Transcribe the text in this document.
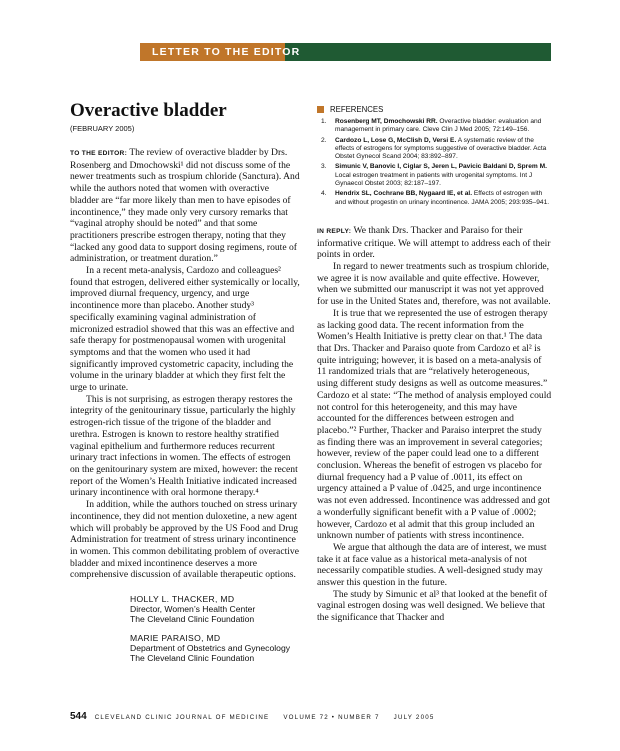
LETTER TO THE EDITOR
Overactive bladder
(FEBRUARY 2005)

TO THE EDITOR: The review of overactive bladder by Drs. Rosenberg and Dmochowski¹ did not discuss some of the newer treatments such as trospium chloride (Sanctura). And while the authors noted that women with overactive bladder are “far more likely than men to have episodes of incontinence,” they made only very cursory remarks that “vaginal atrophy should be noted” and that some practitioners prescribe estrogen therapy, noting that they “lacked any good data to support dosing regimens, route of administration, or treatment duration.”

In a recent meta-analysis, Cardozo and colleagues² found that estrogen, delivered either systemically or locally, improved diurnal frequency, urgency, and urge incontinence more than placebo. Another study³ specifically examining vaginal administration of micronized estradiol showed that this was an effective and safe therapy for postmenopausal women with urogenital symptoms and that the women who used it had significantly improved cystometric capacity, including the volume in the urinary bladder at which they first felt the urge to urinate.

This is not surprising, as estrogen therapy restores the integrity of the genitourinary tissue, particularly the highly estrogen-rich tissue of the trigone of the bladder and urethra. Estrogen is known to restore healthy stratified vaginal epithelium and furthermore reduces recurrent urinary tract infections in women. The effects of estrogen on the genitourinary system are mixed, however: the recent report of the Women’s Health Initiative indicated increased urinary incontinence with oral hormone therapy.⁴

In addition, while the authors touched on stress urinary incontinence, they did not mention duloxetine, a new agent which will probably be approved by the US Food and Drug Administration for treatment of stress urinary incontinence in women. This common debilitating problem of overactive bladder and mixed incontinence deserves a more comprehensive discussion of available therapeutic options.

HOLLY L. THACKER, MD
Director, Women’s Health Center
The Cleveland Clinic Foundation
MARIE PARAISO, MD
Department of Obstetrics and Gynecology
The Cleveland Clinic Foundation
REFERENCES
1.	Rosenberg MT, Dmochowski RR. Overactive bladder: evaluation and management in primary care. Cleve Clin J Med 2005; 72:149–156.
2.	Cardozo L, Lose G, McClish D, Versi E. A systematic review of the effects of estrogens for symptoms suggestive of overactive bladder. Acta Obstet Gynecol Scand 2004; 83:892–897.
3.	Simunic V, Banovic I, Ciglar S, Jeren L, Pavicic Baldani D, Sprem M. Local estrogen treatment in patients with urogenital symptoms. Int J Gynaecol Obstet 2003; 82:187–197.
4.	Hendrix SL, Cochrane BB, Nygaard IE, et al. Effects of estrogen with and without progestin on urinary incontinence. JAMA 2005; 293:935–941.

IN REPLY: We thank Drs. Thacker and Paraiso for their informative critique. We will attempt to address each of their points in order.

In regard to newer treatments such as trospium chloride, we agree it is now available and quite effective. However, when we submitted our manuscript it was not yet approved for use in the United States and, therefore, was not available.

It is true that we represented the use of estrogen therapy as lacking good data. The recent information from the Women’s Health Initiative is pretty clear on that.¹ The data that Drs. Thacker and Paraiso quote from Cardozo et al² is quite intriguing; however, it is based on a meta-analysis of 11 randomized trials that are “relatively heterogeneous, using different study designs as well as outcome measures.” Cardozo et al state: “The method of analysis employed could not control for this heterogeneity, and this may have accounted for the differences between estrogen and placebo.”² Further, Thacker and Paraiso interpret the study as finding there was an improvement in several categories; however, review of the paper could lead one to a different conclusion. Whereas the benefit of estrogen vs placebo for diurnal frequency had a P value of .0011, its effect on urgency attained a P value of .0425, and urge incontinence was not even addressed. Incontinence was addressed and got a wonderfully significant benefit with a P value of .0002; however, Cardozo et al admit that this group included an unknown number of patients with stress incontinence.

We argue that although the data are of interest, we must take it at face value as a historical meta-analysis of not necessarily compatible studies. A well-designed study may answer this question in the future.

The study by Simunic et al³ that looked at the benefit of vaginal estrogen dosing was well designed. We believe that the significance that Thacker and

544 CLEVELAND CLINIC JOURNAL OF MEDICINE VOLUME 72 • NUMBER 7 JULY 2005
